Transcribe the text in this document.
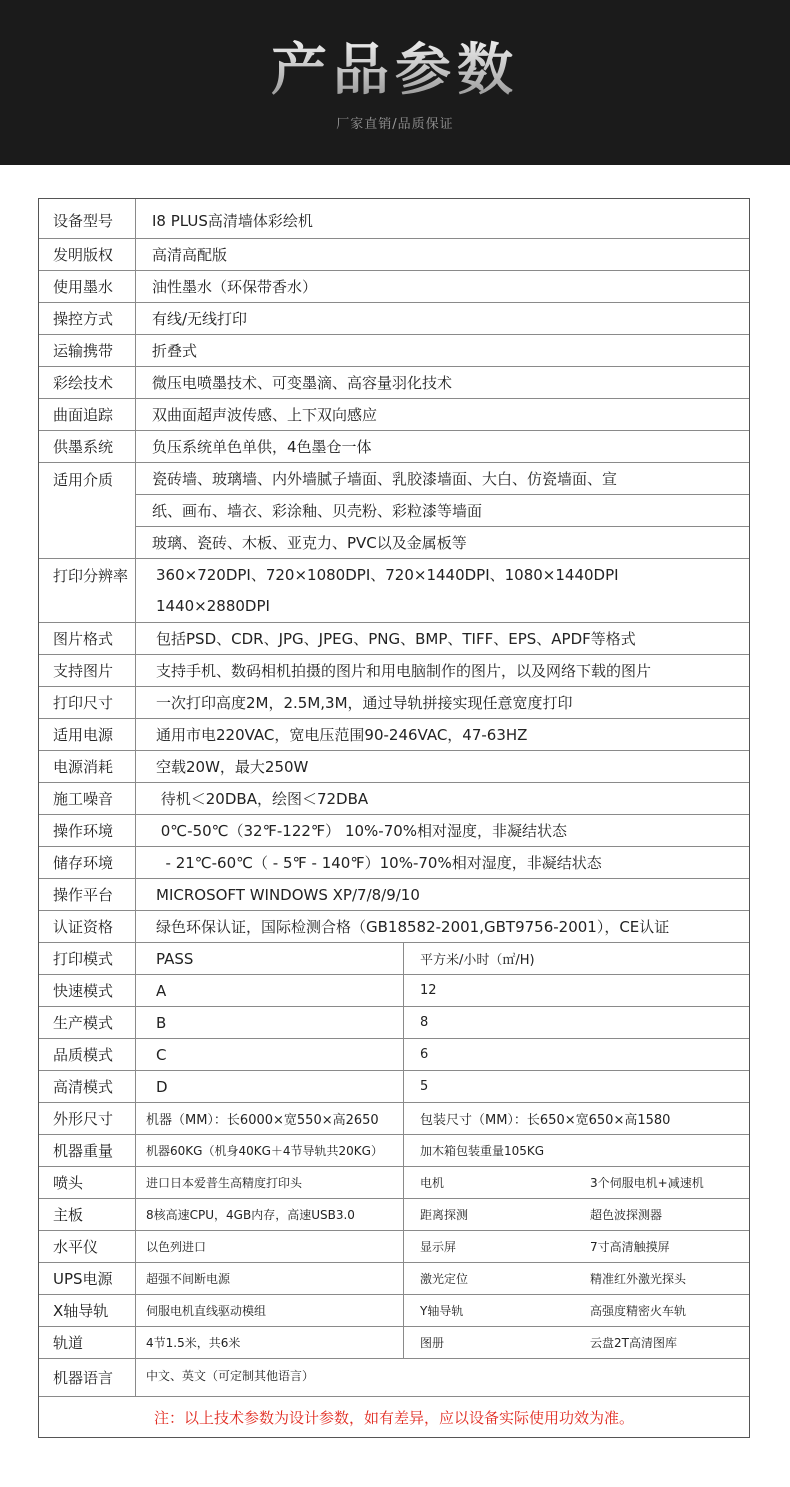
产品参数
厂家直销/品质保证
设备型号	I8 PLUS高清墙体彩绘机
发明版权	高清高配版
使用墨水	油性墨水（环保带香水）
操控方式	有线/无线打印
运输携带	折叠式
彩绘技术	微压电喷墨技术、可变墨滴、高容量羽化技术
曲面追踪	双曲面超声波传感、上下双向感应
供墨系统	负压系统单色单供，4色墨仓一体
适用介质	瓷砖墙、玻璃墙、内外墙腻子墙面、乳胶漆墙面、大白、仿瓷墙面、宣
纸、画布、墙衣、彩涂釉、贝壳粉、彩粒漆等墙面
玻璃、瓷砖、木板、亚克力、PVC以及金属板等
打印分辨率	360×720DPI、720×1080DPI、720×1440DPI、1080×1440DPI
1440×2880DPI
图片格式	包括PSD、CDR、JPG、JPEG、PNG、BMP、TIFF、EPS、APDF等格式
支持图片	支持手机、数码相机拍摄的图片和用电脑制作的图片，以及网络下载的图片
打印尺寸	一次打印高度2M，2.5M,3M，通过导轨拼接实现任意宽度打印
适用电源	通用市电220VAC，宽电压范围90-246VAC，47-63HZ
电源消耗	空载20W，最大250W
施工噪音	待机＜20DBA，绘图＜72DBA
操作环境	0℃-50℃（32℉-122℉） 10%-70%相对湿度，非凝结状态
储存环境	- 21℃-60℃（ - 5℉ - 140℉）10%-70%相对湿度，非凝结状态
操作平台	MICROSOFT WINDOWS XP/7/8/9/10
认证资格	绿色环保认证，国际检测合格（GB18582-2001,GBT9756-2001），CE认证
打印模式	PASS	平方米/小时（㎡/H)
快速模式	A	12
生产模式	B	8
品质模式	C	6
高清模式	D	5
外形尺寸	机器（MM）：长6000×宽550×高2650	包装尺寸（MM）：长650×宽650×高1580
机器重量	机器60KG（机身40KG＋4节导轨共20KG）	加木箱包装重量105KG
喷头	进口日本爱普生高精度打印头	电机	3个伺服电机+减速机
主板	8核高速CPU，4GB内存，高速USB3.0	距离探测	超色波探测器
水平仪	以色列进口	显示屏	7寸高清触摸屏
UPS电源	超强不间断电源	激光定位	精准红外激光探头
X轴导轨	伺服电机直线驱动模组	Y轴导轨	高强度精密火车轨
轨道	4节1.5米，共6米	图册	云盘2T高清图库
机器语言	中文、英文（可定制其他语言）
注：以上技术参数为设计参数，如有差异，应以设备实际使用功效为准。
